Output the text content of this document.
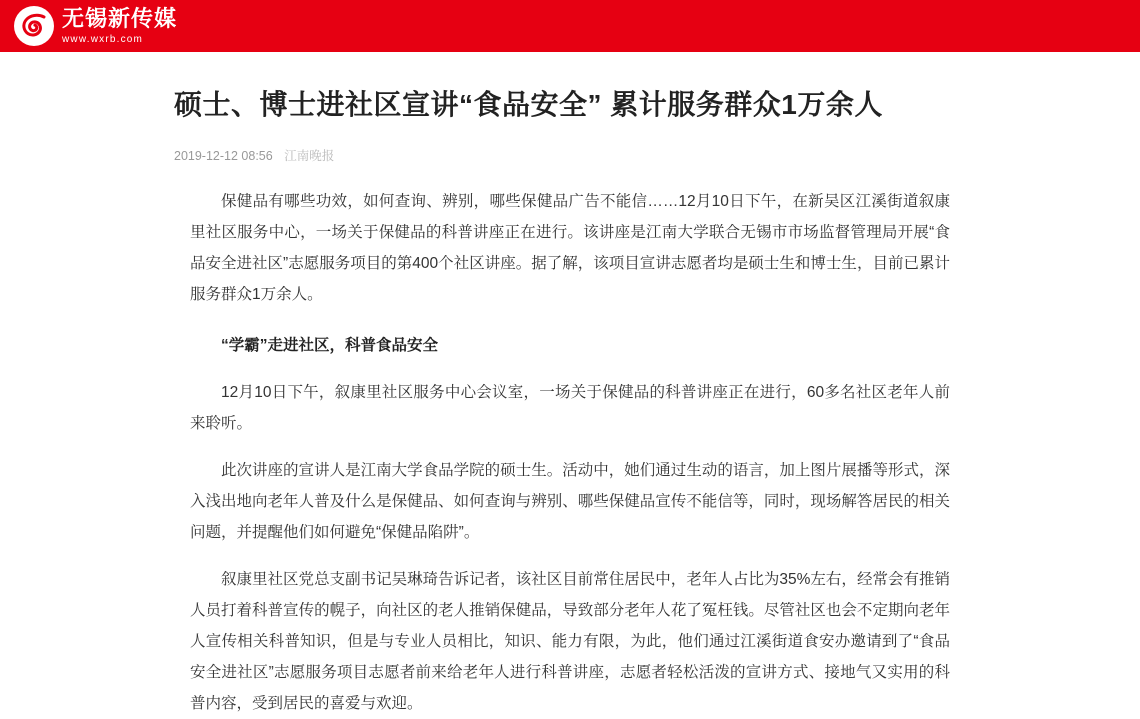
无锡新传媒
www.wxrb.com
硕士、博士进社区宣讲“食品安全” 累计服务群众1万余人
2019-12-12 08:56 江南晚报

保健品有哪些功效，如何查询、辨别，哪些保健品广告不能信……12月10日下午，在新吴区江溪街道叙康里社区服务中心，一场关于保健品的科普讲座正在进行。该讲座是江南大学联合无锡市市场监督管理局开展“食品安全进社区”志愿服务项目的第400个社区讲座。据了解，该项目宣讲志愿者均是硕士生和博士生，目前已累计服务群众1万余人。

“学霸”走进社区，科普食品安全

12月10日下午，叙康里社区服务中心会议室，一场关于保健品的科普讲座正在进行，60多名社区老年人前来聆听。

此次讲座的宣讲人是江南大学食品学院的硕士生。活动中，她们通过生动的语言，加上图片展播等形式，深入浅出地向老年人普及什么是保健品、如何查询与辨别、哪些保健品宣传不能信等，同时，现场解答居民的相关问题，并提醒他们如何避免“保健品陷阱”。

叙康里社区党总支副书记吴琳琦告诉记者，该社区目前常住居民中，老年人占比为35%左右，经常会有推销人员打着科普宣传的幌子，向社区的老人推销保健品，导致部分老年人花了冤枉钱。尽管社区也会不定期向老年人宣传相关科普知识，但是与专业人员相比，知识、能力有限，为此，他们通过江溪街道食安办邀请到了“食品安全进社区”志愿服务项目志愿者前来给老年人进行科普讲座，志愿者轻松活泼的宣讲方式、接地气又实用的科普内容，受到居民的喜爱与欢迎。
